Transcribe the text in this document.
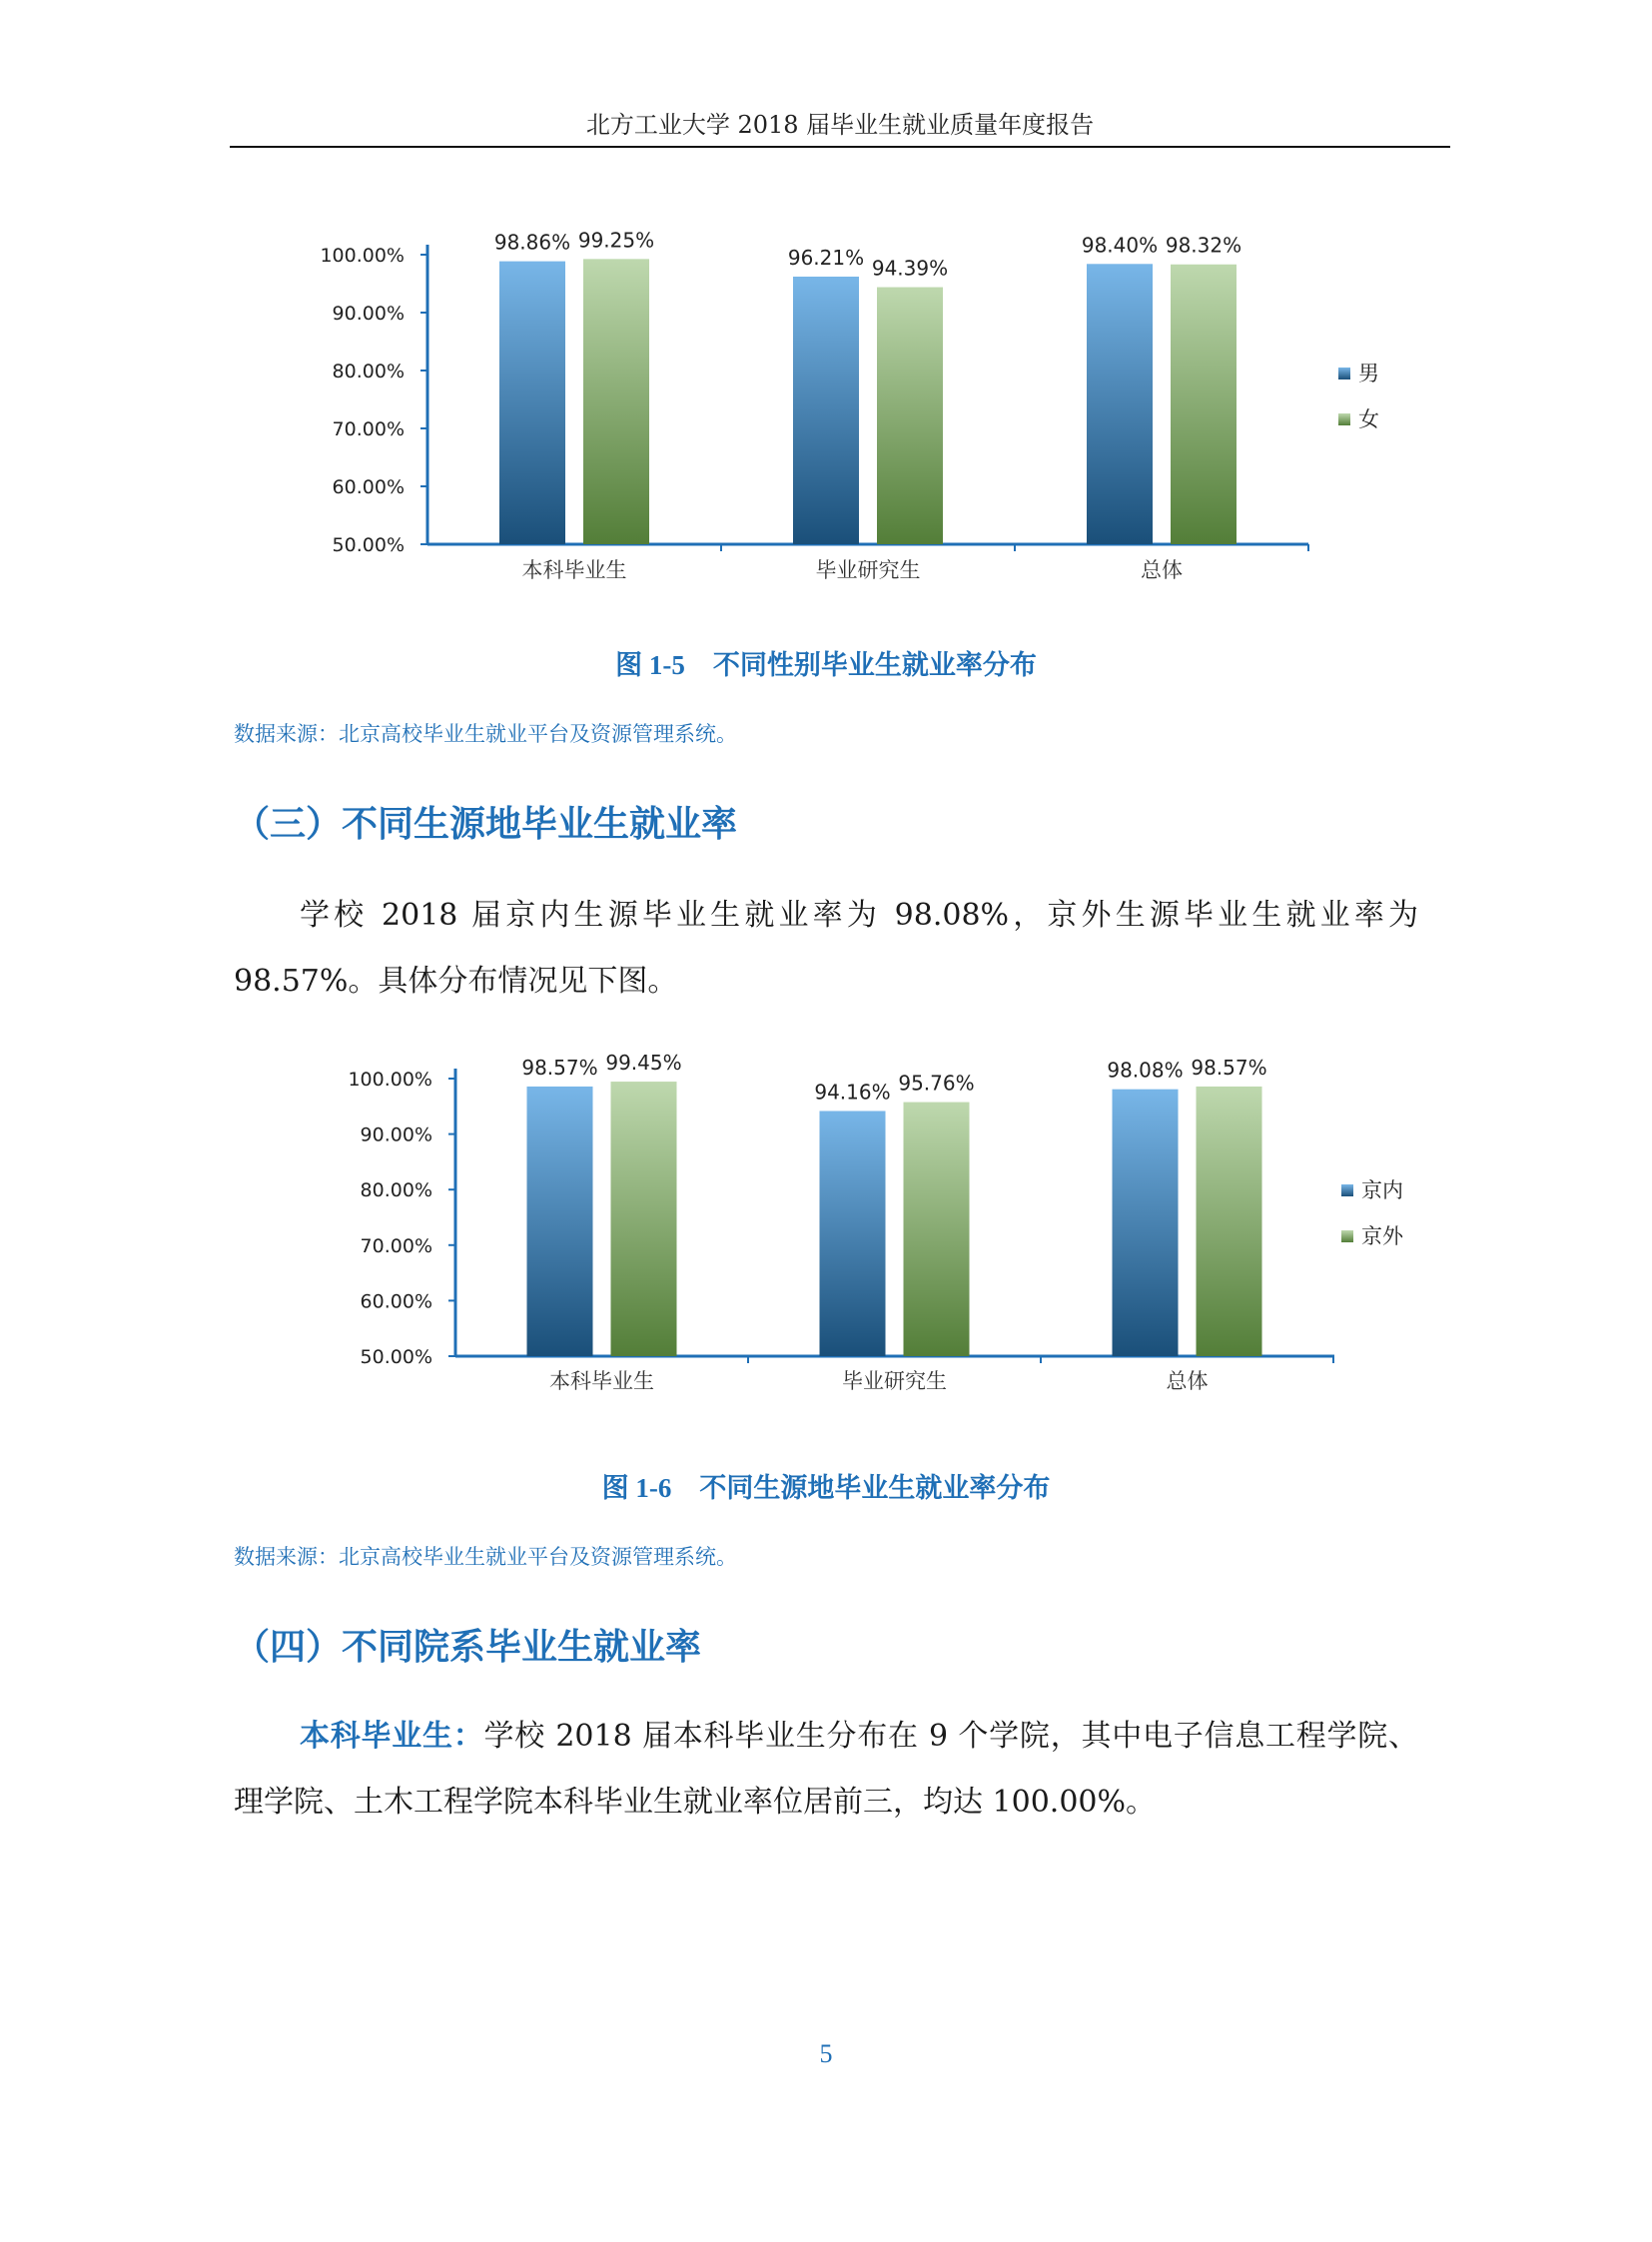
北方工业大学 2018 届毕业生就业质量年度报告
100.00%
90.00%
80.00%
70.00%
60.00%
50.00%
98.86% 99.25%
本科毕业生
96.21% 94.39%
毕业研究生
98.40% 98.32%
总体
男
女
图 1-5 不同性别毕业生就业率分布
数据来源：北京高校毕业生就业平台及资源管理系统。
（三）不同生源地毕业生就业率

学校 2018 届京内生源毕业生就业率为 98.08%，京外生源毕业生就业率为 98.57%。具体分布情况见下图。

100.00%
90.00%
80.00%
70.00%
60.00%
50.00%
98.57% 99.45%
本科毕业生
94.16% 95.76%
毕业研究生
98.08% 98.57%
总体
京内
京外
图 1-6 不同生源地毕业生就业率分布
数据来源：北京高校毕业生就业平台及资源管理系统。
（四）不同院系毕业生就业率

本科毕业生：学校 2018 届本科毕业生分布在 9 个学院，其中电子信息工程学院、理学院、土木工程学院本科毕业生就业率位居前三，均达 100.00%。

5
